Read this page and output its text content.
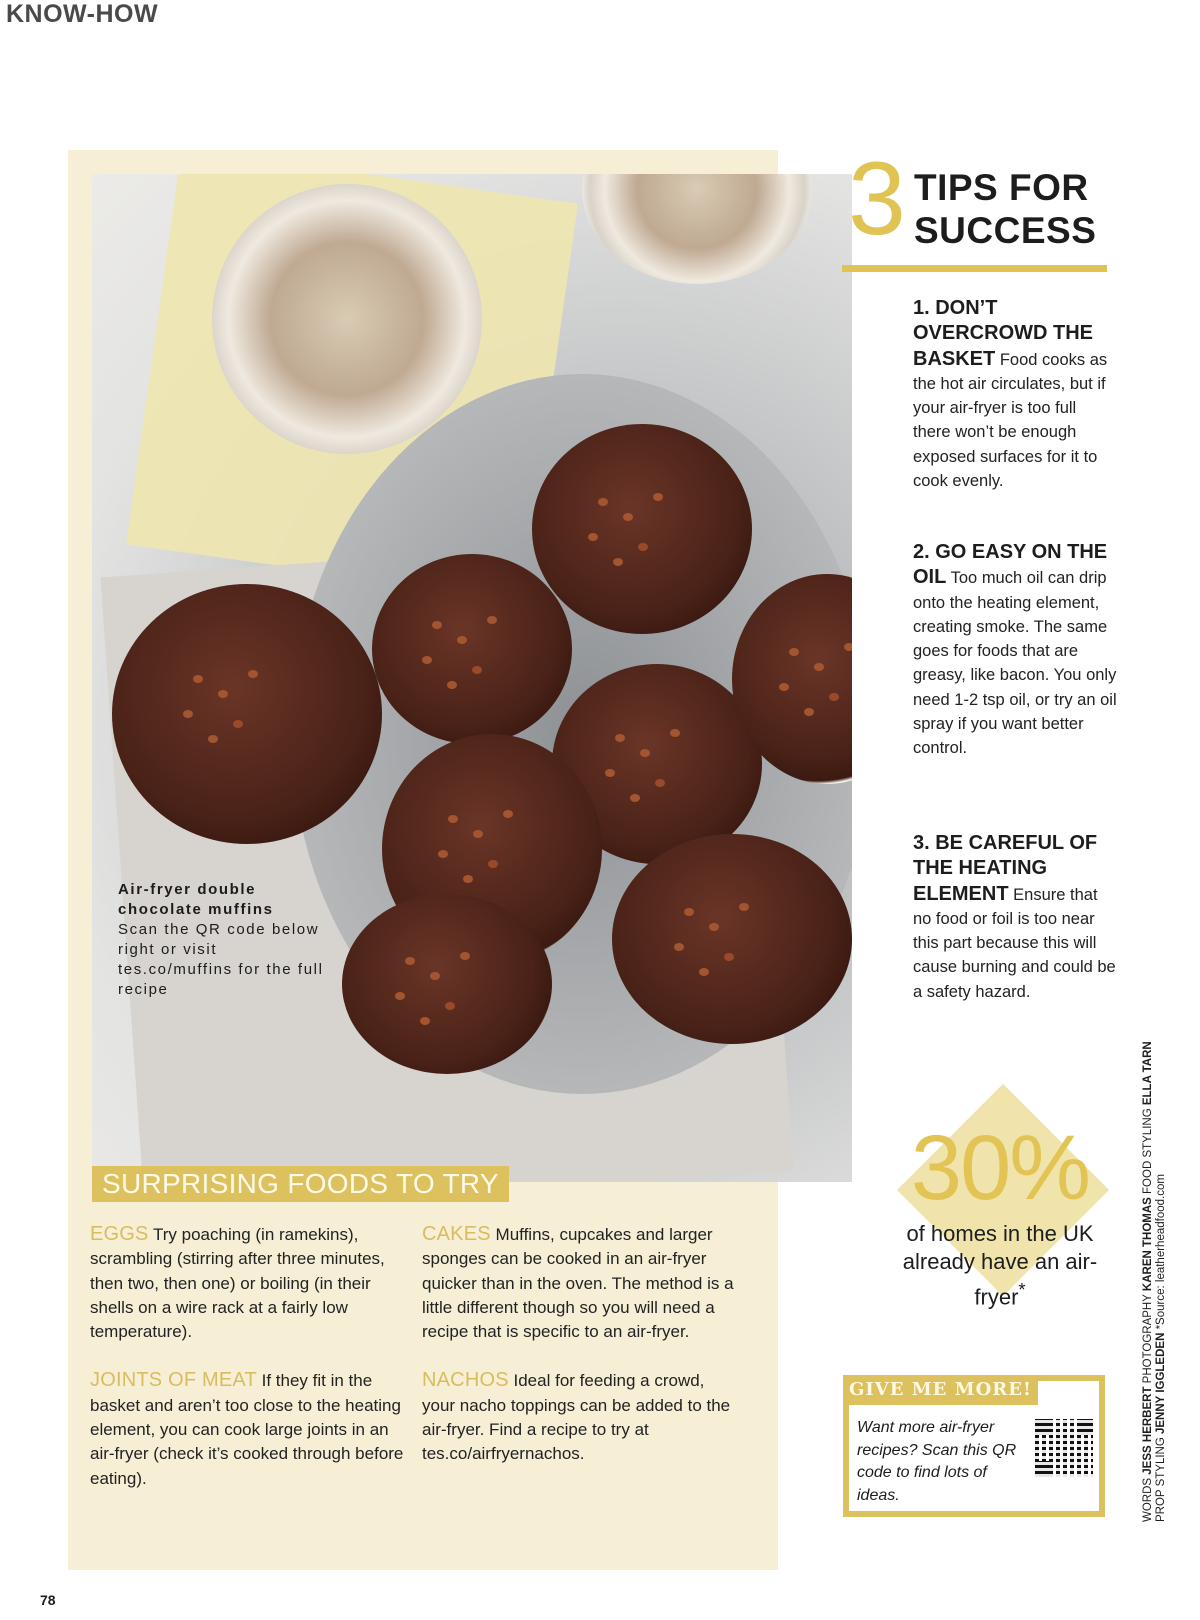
KNOW-HOW
Air-fryer double chocolate muffins
Scan the QR code below right or visit tes.co/muffins for the full recipe
SURPRISING FOODS TO TRY

EGGS Try poaching (in ramekins), scrambling (stirring after three minutes, then two, then one) or boiling (in their shells on a wire rack at a fairly low temperature).

JOINTS OF MEAT If they fit in the basket and aren’t too close to the heating element, you can cook large joints in an air-fryer (check it’s cooked through before eating).

CAKES Muffins, cupcakes and larger sponges can be cooked in an air-fryer quicker than in the oven. The method is a little different though so you will need a recipe that is specific to an air-fryer.

NACHOS Ideal for feeding a crowd, your nacho toppings can be added to the air-fryer. Find a recipe to try at tes.co/airfryernachos.

3 TIPS FOR
SUCCESS
1. DON’T OVERCROWD THE BASKET Food cooks as the hot air circulates, but if your air-fryer is too full there won’t be enough exposed surfaces for it to cook evenly.
2. GO EASY ON THE OIL Too much oil can drip onto the heating element, creating smoke. The same goes for foods that are greasy, like bacon. You only need 1-2 tsp oil, or try an oil spray if you want better control.
3. BE CAREFUL OF THE HEATING ELEMENT Ensure that no food or foil is too near this part because this will cause burning and could be a safety hazard.
30%
of homes in the UK already have an air-fryer*
GIVE ME MORE!
Want more air-fryer recipes? Scan this QR code to find lots of ideas.	WORDS JESS HERBERT PHOTOGRAPHY KAREN THOMAS FOOD STYLING ELLA TARN
PROP STYLING JENNY IGGLEDEN *Source: leatherheadfood.com
78
